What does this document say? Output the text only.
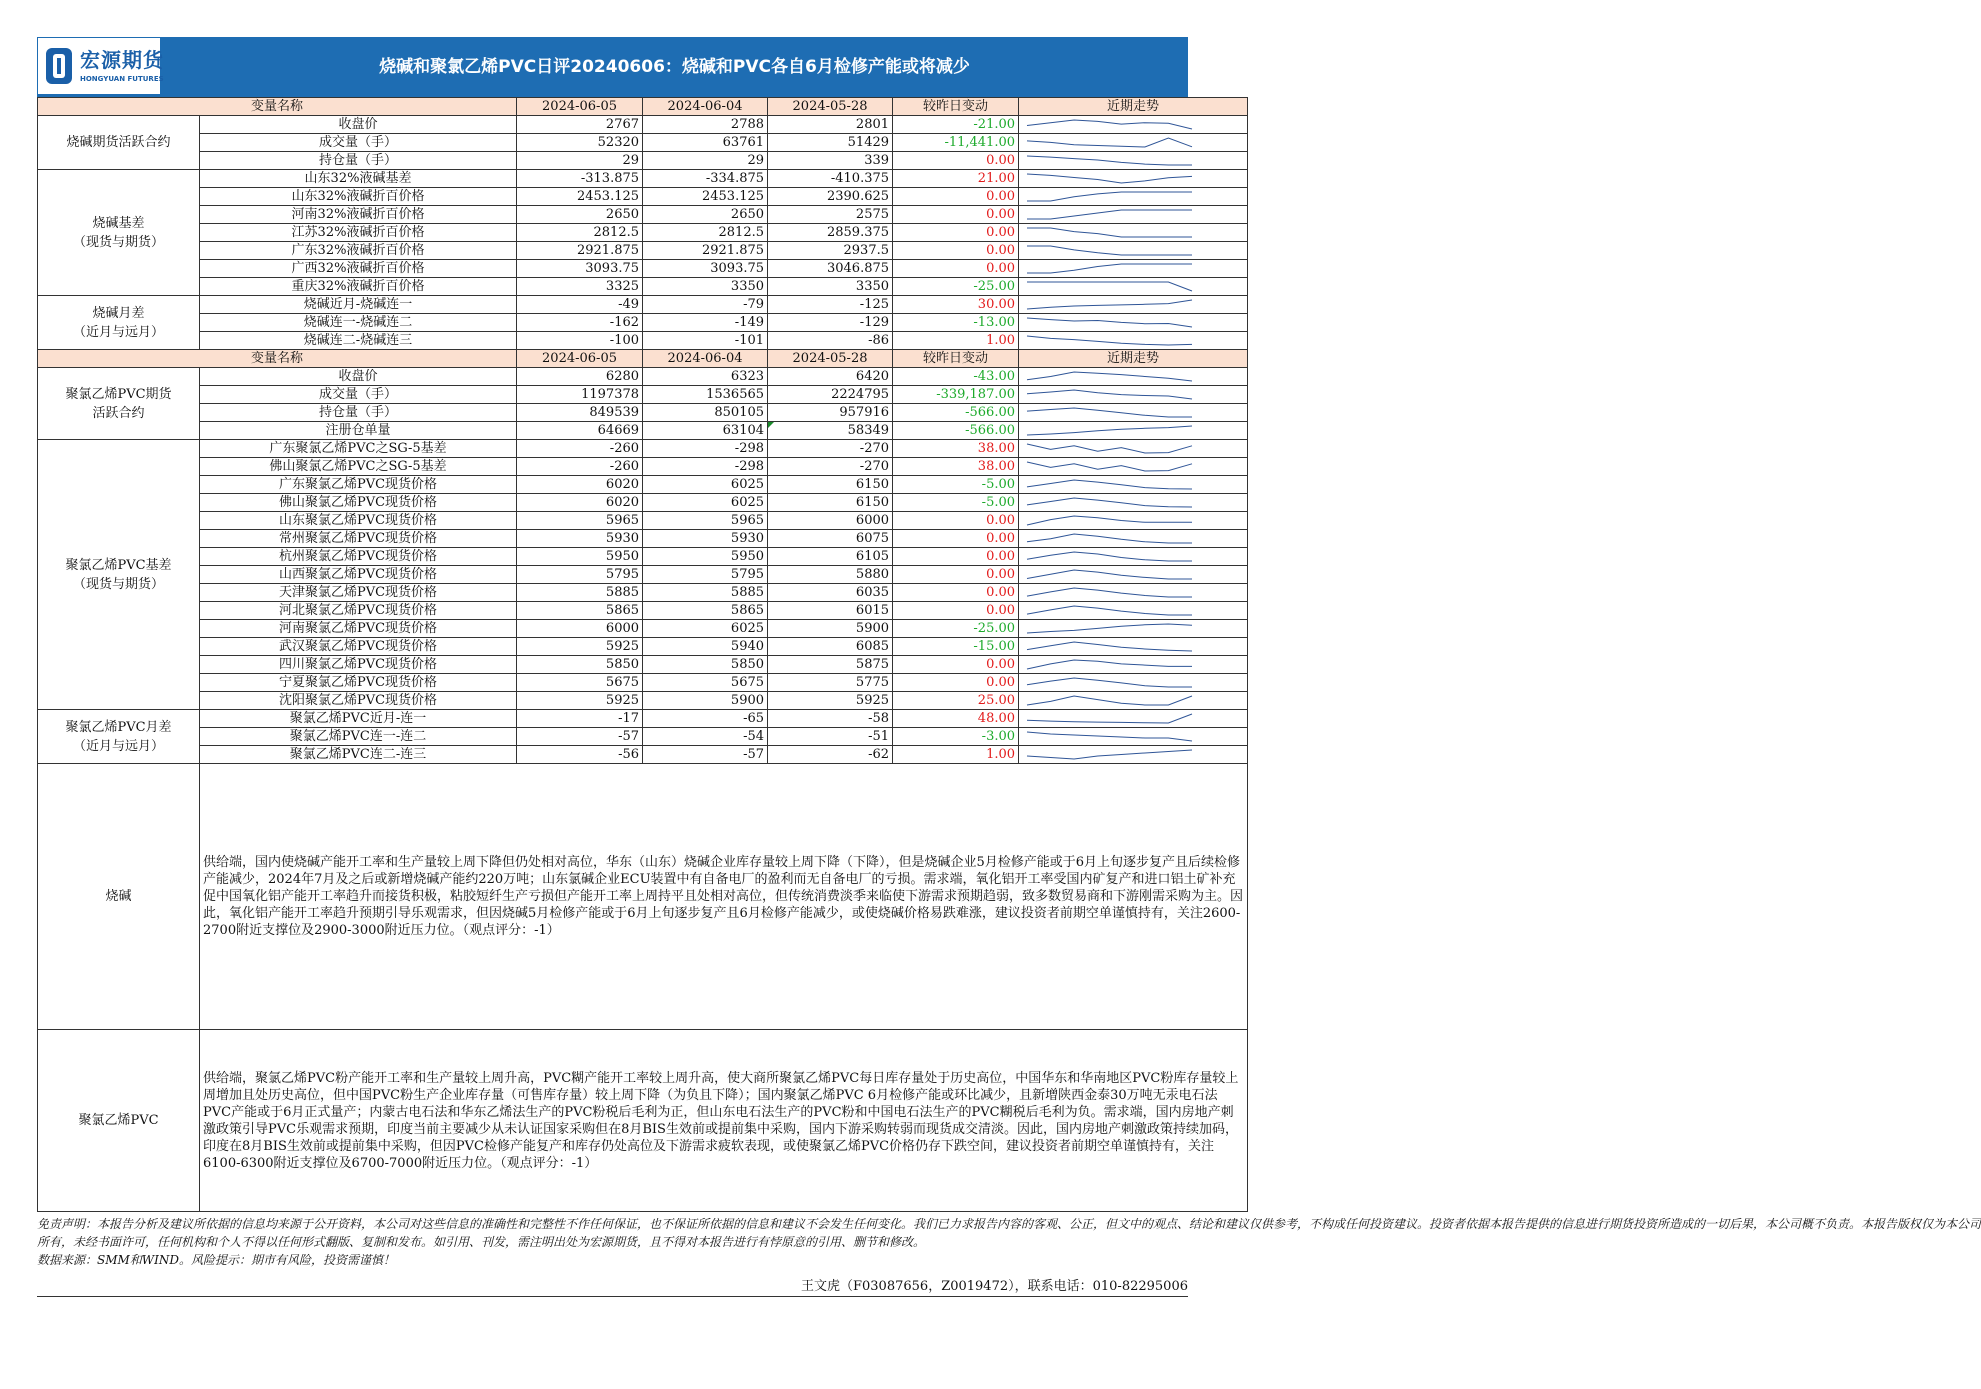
宏源期货
HONGYUAN FUTURES
烧碱和聚氯乙烯PVC日评20240606：烧碱和PVC各自6月检修产能或将减少
变量名称		2024-06-05	2024-06-04	2024-05-28	较昨日变动	近期走势

烧碱期货活跃合约	收盘价	2767	2788	2801	-21.00	

	成交量（手）	52320	63761	51429	-11,441.00	

	持仓量（手）	29	29	339	0.00	

烧碱基差
（现货与期货）	山东32%液碱基差	-313.875	-334.875	-410.375	21.00	

	山东32%液碱折百价格	2453.125	2453.125	2390.625	0.00	

	河南32%液碱折百价格	2650	2650	2575	0.00	

	江苏32%液碱折百价格	2812.5	2812.5	2859.375	0.00	

	广东32%液碱折百价格	2921.875	2921.875	2937.5	0.00	

	广西32%液碱折百价格	3093.75	3093.75	3046.875	0.00	

	重庆32%液碱折百价格	3325	3350	3350	-25.00	

烧碱月差
（近月与远月）	烧碱近月-烧碱连一	-49	-79	-125	30.00	

	烧碱连一-烧碱连二	-162	-149	-129	-13.00	

	烧碱连二-烧碱连三	-100	-101	-86	1.00	

变量名称		2024-06-05	2024-06-04	2024-05-28	较昨日变动	近期走势

聚氯乙烯PVC期货
活跃合约	收盘价	6280	6323	6420	-43.00	

	成交量（手）	1197378	1536565	2224795	-339,187.00	

	持仓量（手）	849539	850105	957916	-566.00	

	注册仓单量	64669	63104	58349	-566.00	

聚氯乙烯PVC基差
（现货与期货）	广东聚氯乙烯PVC之SG-5基差	-260	-298	-270	38.00	

	佛山聚氯乙烯PVC之SG-5基差	-260	-298	-270	38.00	

	广东聚氯乙烯PVC现货价格	6020	6025	6150	-5.00	

	佛山聚氯乙烯PVC现货价格	6020	6025	6150	-5.00	

	山东聚氯乙烯PVC现货价格	5965	5965	6000	0.00	

	常州聚氯乙烯PVC现货价格	5930	5930	6075	0.00	

	杭州聚氯乙烯PVC现货价格	5950	5950	6105	0.00	

	山西聚氯乙烯PVC现货价格	5795	5795	5880	0.00	

	天津聚氯乙烯PVC现货价格	5885	5885	6035	0.00	

	河北聚氯乙烯PVC现货价格	5865	5865	6015	0.00	

	河南聚氯乙烯PVC现货价格	6000	6025	5900	-25.00	

	武汉聚氯乙烯PVC现货价格	5925	5940	6085	-15.00	

	四川聚氯乙烯PVC现货价格	5850	5850	5875	0.00	

	宁夏聚氯乙烯PVC现货价格	5675	5675	5775	0.00	

	沈阳聚氯乙烯PVC现货价格	5925	5900	5925	25.00	

聚氯乙烯PVC月差
（近月与远月）	聚氯乙烯PVC近月-连一	-17	-65	-58	48.00	

	聚氯乙烯PVC连一-连二	-57	-54	-51	-3.00	

	聚氯乙烯PVC连二-连三	-56	-57	-62	1.00	

烧碱	供给端，国内使烧碱产能开工率和生产量较上周下降但仍处相对高位，华东（山东）烧碱企业库存量较上周下降（下降），但是烧碱企业5月检修产能或于6月上旬逐步复产且后续检修产能减少，2024年7月及之后或新增烧碱产能约220万吨；山东氯碱企业ECU装置中有自备电厂的盈利而无自备电厂的亏损。需求端，氧化铝开工率受国内矿复产和进口铝土矿补充促中国氧化铝产能开工率趋升而接货积极，粘胶短纤生产亏损但产能开工率上周持平且处相对高位，但传统消费淡季来临使下游需求预期趋弱，致多数贸易商和下游刚需采购为主。因此，氧化铝产能开工率趋升预期引导乐观需求，但因烧碱5月检修产能或于6月上旬逐步复产且6月检修产能减少，或使烧碱价格易跌难涨，建议投资者前期空单谨慎持有，关注2600-2700附近支撑位及2900-3000附近压力位。（观点评分：-1）					
聚氯乙烯PVC	供给端，聚氯乙烯PVC粉产能开工率和生产量较上周升高，PVC糊产能开工率较上周升高，使大商所聚氯乙烯PVC每日库存量处于历史高位，中国华东和华南地区PVC粉库存量较上周增加且处历史高位，但中国PVC粉生产企业库存量（可售库存量）较上周下降（为负且下降）；国内聚氯乙烯PVC 6月检修产能或环比减少，且新增陕西金泰30万吨无汞电石法PVC产能或于6月正式量产；内蒙古电石法和华东乙烯法生产的PVC粉税后毛利为正，但山东电石法生产的PVC粉和中国电石法生产的PVC糊税后毛利为负。需求端，国内房地产刺激政策引导PVC乐观需求预期，印度当前主要减少从未认证国家采购但在8月BIS生效前或提前集中采购，国内下游采购转弱而现货成交清淡。因此，国内房地产刺激政策持续加码，印度在8月BIS生效前或提前集中采购，但因PVC检修产能复产和库存仍处高位及下游需求疲软表现，或使聚氯乙烯PVC价格仍存下跌空间，建议投资者前期空单谨慎持有，关注6100-6300附近支撑位及6700-7000附近压力位。（观点评分：-1）					

免责声明：本报告分析及建议所依据的信息均来源于公开资料，本公司对这些信息的准确性和完整性不作任何保证，也不保证所依据的信息和建议不会发生任何变化。我们已力求报告内容的客观、公正，但文中的观点、结论和建议仅供参考，不构成任何投资建议。投资者依据本报告提供的信息进行期货投资所造成的一切后果，本公司概不负责。本报告版权仅为本公司

所有，未经书面许可，任何机构和个人不得以任何形式翻版、复制和发布。如引用、刊发，需注明出处为宏源期货，且不得对本报告进行有悖原意的引用、删节和修改。

数据来源：SMM和WIND。风险提示：期市有风险，投资需谨慎！

王文虎（F03087656，Z0019472），联系电话：010-82295006
